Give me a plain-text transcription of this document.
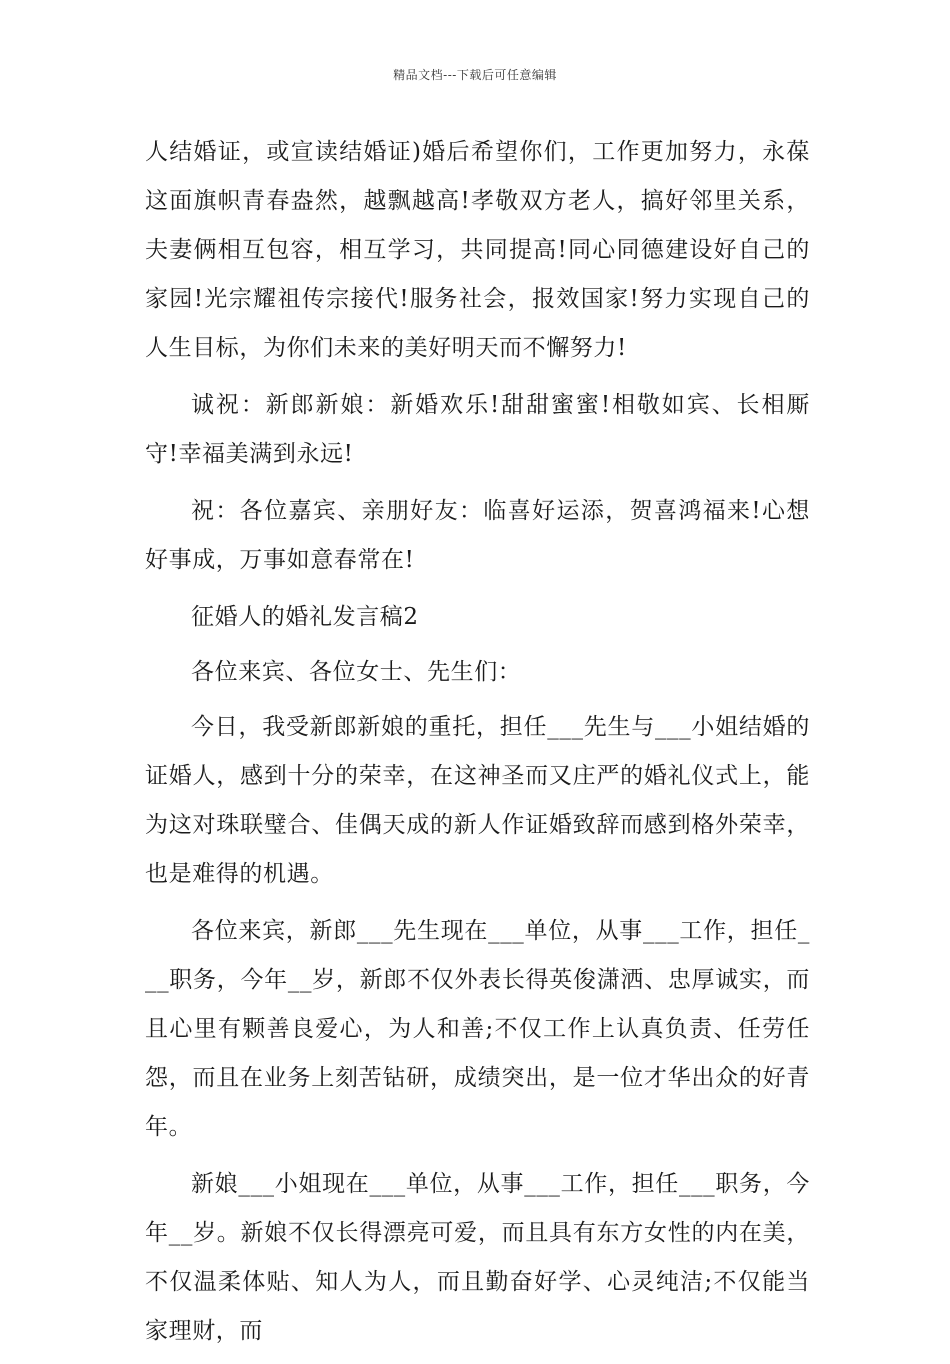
精品文档---下载后可任意编辑

人结婚证，或宣读结婚证)婚后希望你们，工作更加努力，永葆这面旗帜青春盎然，越飘越高!孝敬双方老人，搞好邻里关系，夫妻俩相互包容，相互学习，共同提高!同心同德建设好自己的家园!光宗耀祖传宗接代!服务社会，报效国家!努力实现自己的人生目标，为你们未来的美好明天而不懈努力!

诚祝：新郎新娘：新婚欢乐!甜甜蜜蜜!相敬如宾、长相厮守!幸福美满到永远!

祝：各位嘉宾、亲朋好友：临喜好运添，贺喜鸿福来!心想好事成，万事如意春常在!

征婚人的婚礼发言稿2

各位来宾、各位女士、先生们：

今日，我受新郎新娘的重托，担任___先生与___小姐结婚的证婚人，感到十分的荣幸，在这神圣而又庄严的婚礼仪式上，能为这对珠联璧合、佳偶天成的新人作证婚致辞而感到格外荣幸，也是难得的机遇。

各位来宾，新郎___先生现在___单位，从事___工作，担任___职务，今年__岁，新郎不仅外表长得英俊潇洒、忠厚诚实，而且心里有颗善良爱心，为人和善;不仅工作上认真负责、任劳任怨，而且在业务上刻苦钻研，成绩突出，是一位才华出众的好青年。

新娘___小姐现在___单位，从事___工作，担任___职务，今年__岁。新娘不仅长得漂亮可爱，而且具有东方女性的内在美，不仅温柔体贴、知人为人，而且勤奋好学、心灵纯洁;不仅能当家理财，而
